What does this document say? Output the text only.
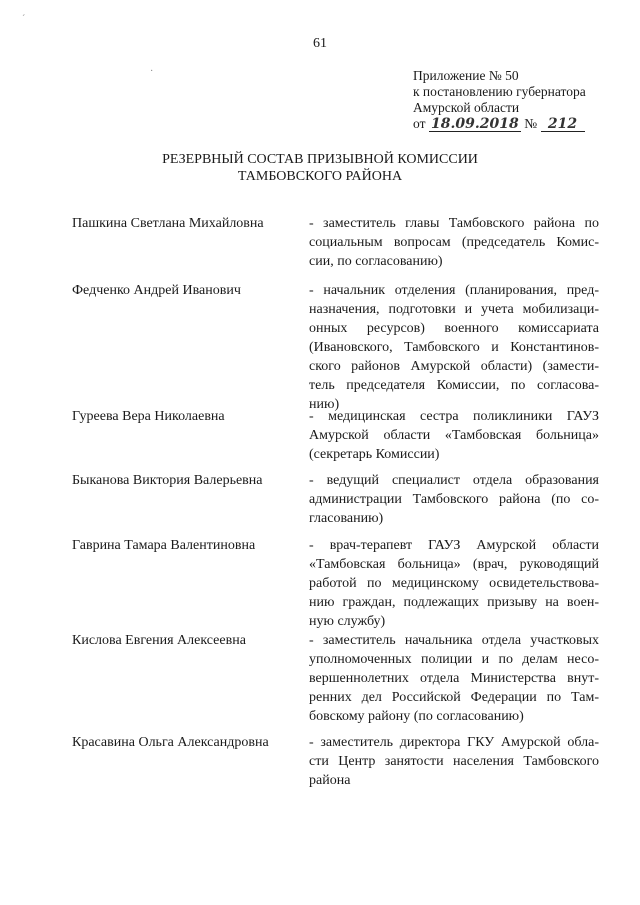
ˊ
·
61
Приложение № 50
к постановлению губернатора
Амурской области
от 18.09.2018 № 212
РЕЗЕРВНЫЙ СОСТАВ ПРИЗЫВНОЙ КОМИССИИ
ТАМБОВСКОГО РАЙОНА
Пашкина Светлана Михайловна	- заместитель главы Тамбовского района по
социальным вопросам (председатель Комис-
сии, по согласованию)
Федченко Андрей Иванович	- начальник отделения (планирования, пред-
назначения, подготовки и учета мобилизаци-
онных ресурсов) военного комиссариата
(Ивановского, Тамбовского и Константинов-
ского районов Амурской области) (замести-
тель председателя Комиссии, по согласова-
нию)
Гуреева Вера Николаевна	- медицинская сестра поликлиники ГАУЗ
Амурской области «Тамбовская больница»
(секретарь Комиссии)
Быканова Виктория Валерьевна	- ведущий специалист отдела образования
администрации Тамбовского района (по со-
гласованию)
Гаврина Тамара Валентиновна	- врач-терапевт ГАУЗ Амурской области
«Тамбовская больница» (врач, руководящий
работой по медицинскому освидетельствова-
нию граждан, подлежащих призыву на воен-
ную службу)
Кислова Евгения Алексеевна	- заместитель начальника отдела участковых
уполномоченных полиции и по делам несо-
вершеннолетних отдела Министерства внут-
ренних дел Российской Федерации по Там-
бовскому району (по согласованию)
Красавина Ольга Александровна	- заместитель директора ГКУ Амурской обла-
сти Центр занятости населения Тамбовского
района
